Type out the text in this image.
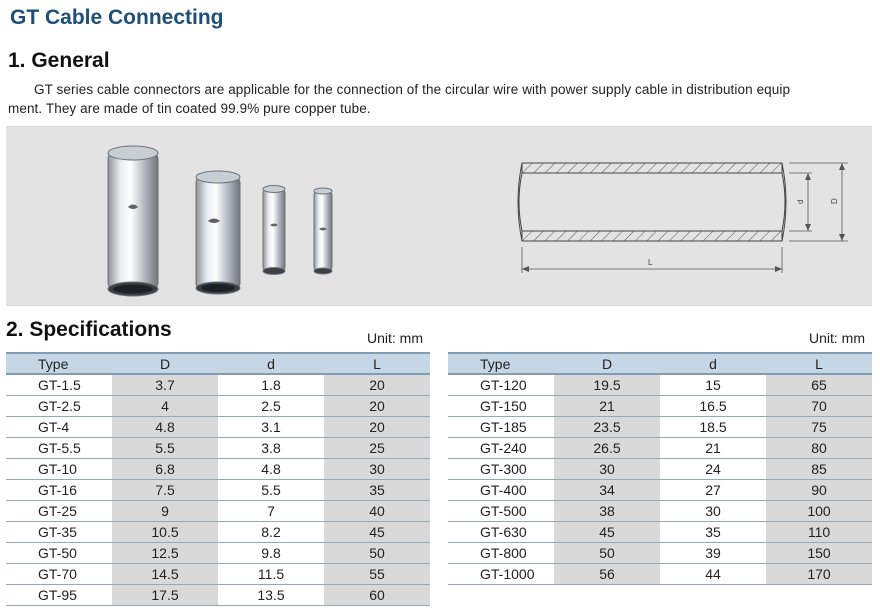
GT Cable Connecting
1. General
GT series cable connectors are applicable for the connection of the circular wire with power supply cable in distribution equip
ment. They are made of tin coated 99.9% pure copper tube.
d	D
L
2. Specifications	Unit: mm	Unit: mm
Type	D	d	L
GT-1.5	3.7	1.8	20
GT-2.5	4	2.5	20
GT-4	4.8	3.1	20
GT-5.5	5.5	3.8	25
GT-10	6.8	4.8	30
GT-16	7.5	5.5	35
GT-25	9	7	40
GT-35	10.5	8.2	45
GT-50	12.5	9.8	50
GT-70	14.5	11.5	55
GT-95	17.5	13.5	60
Type	D	d	L
GT-120	19.5	15	65
GT-150	21	16.5	70
GT-185	23.5	18.5	75
GT-240	26.5	21	80
GT-300	30	24	85
GT-400	34	27	90
GT-500	38	30	100
GT-630	45	35	110
GT-800	50	39	150
GT-1000	56	44	170
